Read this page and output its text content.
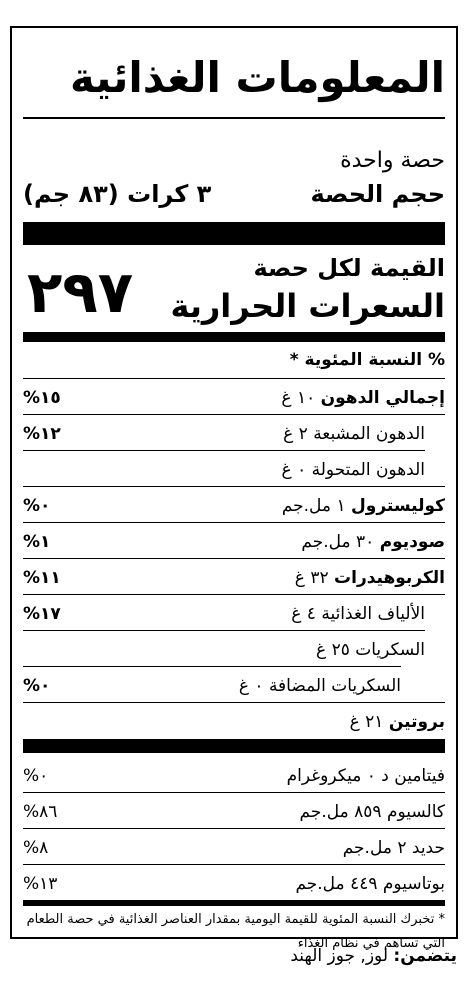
المعلومات الغذائية
حصة واحدة
حجم الحصة
٣ كرات (٨٣ جم)
القيمة لكل حصة
السعرات الحرارية
٢٩٧
% النسبة المئوية *
إجمالي الدهون ١٠ غ
%١٥
الدهون المشبعة ٢ غ
%١٢
الدهون المتحولة ٠ غ
كوليسترول ١ مل.جم
%٠
صوديوم ٣٠ مل.جم
%١
الكربوهيدرات ٣٢ غ
%١١
الألياف الغذائية ٤ غ
%١٧
السكريات ٢٥ غ
السكريات المضافة ٠ غ
%٠
بروتين ٢١ غ
فيتامين د ٠ ميكروغرام
%٠
كالسيوم ٨٥٩ مل.جم
%٨٦
حديد ٢ مل.جم
%٨
بوتاسيوم ٤٤٩ مل.جم
%١٣
* تخبرك النسبة المئوية للقيمة اليومية بمقدار العناصر الغذائية في حصة الطعام التي تساهم في نظام الغذاء
يتضمن: لوز, جوز الهند
